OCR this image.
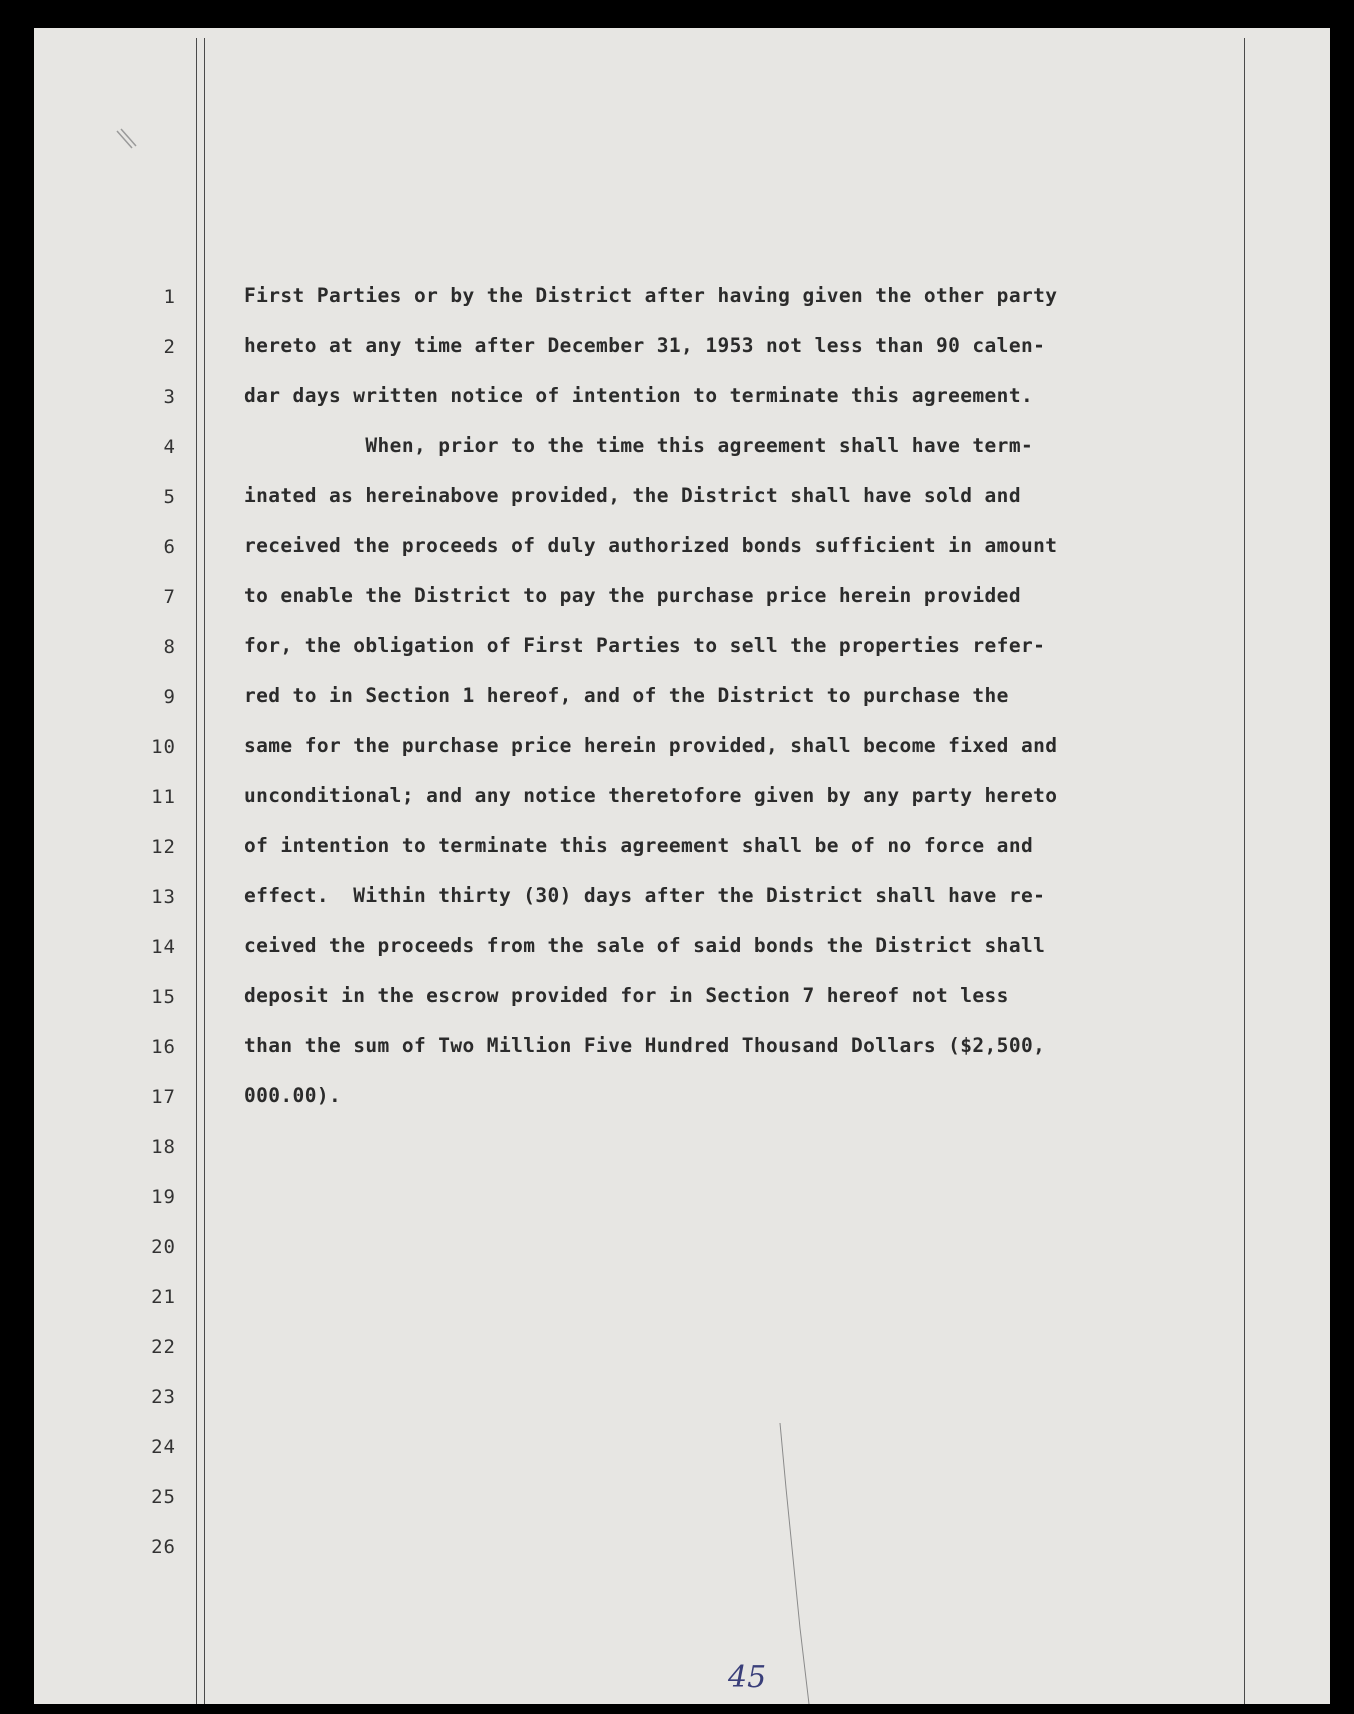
1
2
3
4
5
6
7
8
9
10
11
12
13
14
15
16
17
18
19
20
21
22
23
24
25
26
First Parties or by the District after having given the other party
hereto at any time after December 31, 1953 not less than 90 calen-
dar days written notice of intention to terminate this agreement.
When, prior to the time this agreement shall have term-
inated as hereinabove provided, the District shall have sold and
received the proceeds of duly authorized bonds sufficient in amount
to enable the District to pay the purchase price herein provided
for, the obligation of First Parties to sell the properties refer-
red to in Section 1 hereof, and of the District to purchase the
same for the purchase price herein provided, shall become fixed and
unconditional; and any notice theretofore given by any party hereto
of intention to terminate this agreement shall be of no force and
effect.  Within thirty (30) days after the District shall have re-
ceived the proceeds from the sale of said bonds the District shall
deposit in the escrow provided for in Section 7 hereof not less
than the sum of Two Million Five Hundred Thousand Dollars ($2,500,
000.00).
45
